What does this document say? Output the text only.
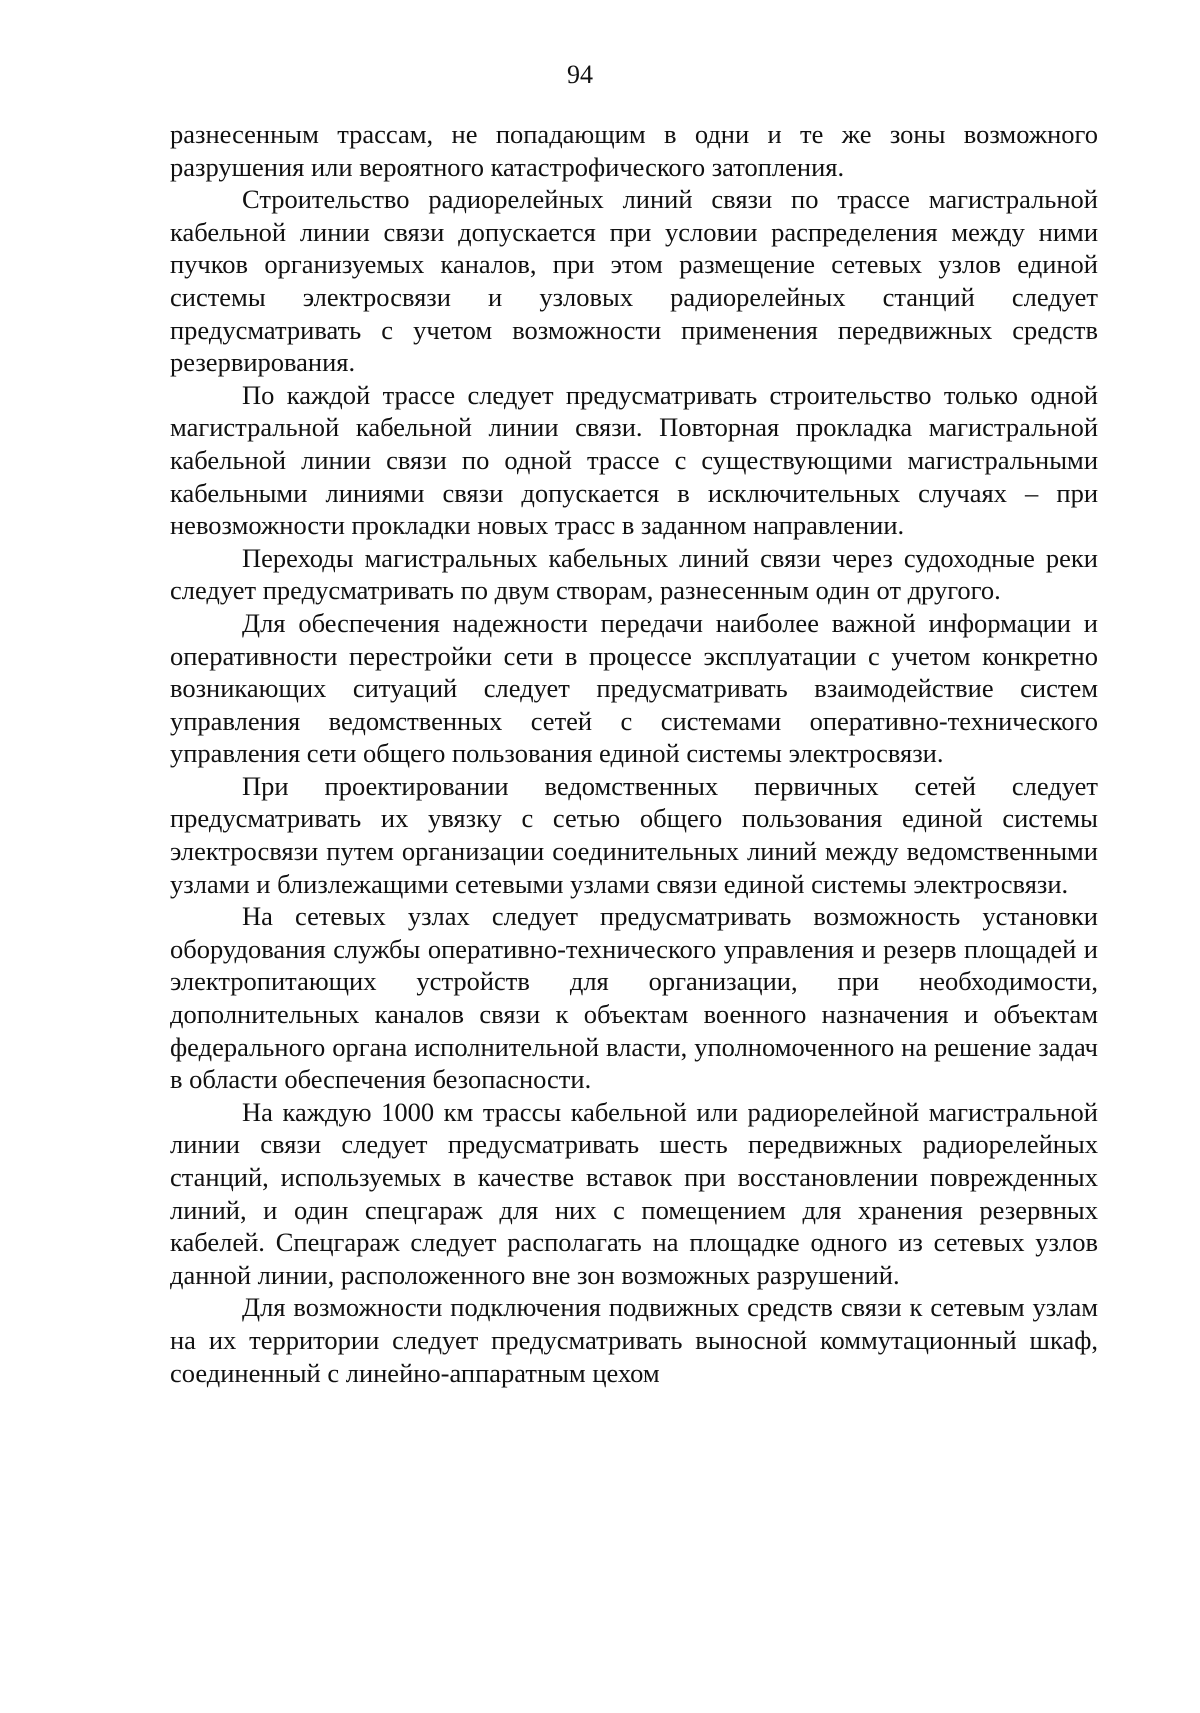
94

разнесенным трассам, не попадающим в одни и те же зоны возможного разрушения или вероятного катастрофического затопления.

Строительство радиорелейных линий связи по трассе магистральной кабельной линии связи допускается при условии распределения между ними пучков организуемых каналов, при этом размещение сетевых узлов единой системы электросвязи и узловых радиорелейных станций следует предусматривать с учетом возможности применения передвижных средств резервирования.

По каждой трассе следует предусматривать строительство только одной магистральной кабельной линии связи. Повторная прокладка магистральной кабельной линии связи по одной трассе с существующими магистральными кабельными линиями связи допускается в исключительных случаях – при невозможности прокладки новых трасс в заданном направлении.

Переходы магистральных кабельных линий связи через судоходные реки следует предусматривать по двум створам, разнесенным один от другого.

Для обеспечения надежности передачи наиболее важной информации и оперативности перестройки сети в процессе эксплуатации с учетом конкретно возникающих ситуаций следует предусматривать взаимодействие систем управления ведомственных сетей с системами оперативно-технического управления сети общего пользования единой системы электросвязи.

При проектировании ведомственных первичных сетей следует предусматривать их увязку с сетью общего пользования единой системы электросвязи путем организации соединительных линий между ведомственными узлами и близлежащими сетевыми узлами связи единой системы электросвязи.

На сетевых узлах следует предусматривать возможность установки оборудования службы оперативно-технического управления и резерв площадей и электропитающих устройств для организации, при необходимости, дополнительных каналов связи к объектам военного назначения и объектам федерального органа исполнительной власти, уполномоченного на решение задач в области обеспечения безопасности.

На каждую 1000 км трассы кабельной или радиорелейной магистральной линии связи следует предусматривать шесть передвижных радиорелейных станций, используемых в качестве вставок при восстановлении поврежденных линий, и один спецгараж для них с помещением для хранения резервных кабелей. Спецгараж следует располагать на площадке одного из сетевых узлов данной линии, расположенного вне зон возможных разрушений.

Для возможности подключения подвижных средств связи к сетевым узлам на их территории следует предусматривать выносной коммутационный шкаф, соединенный с линейно-аппаратным цехом
